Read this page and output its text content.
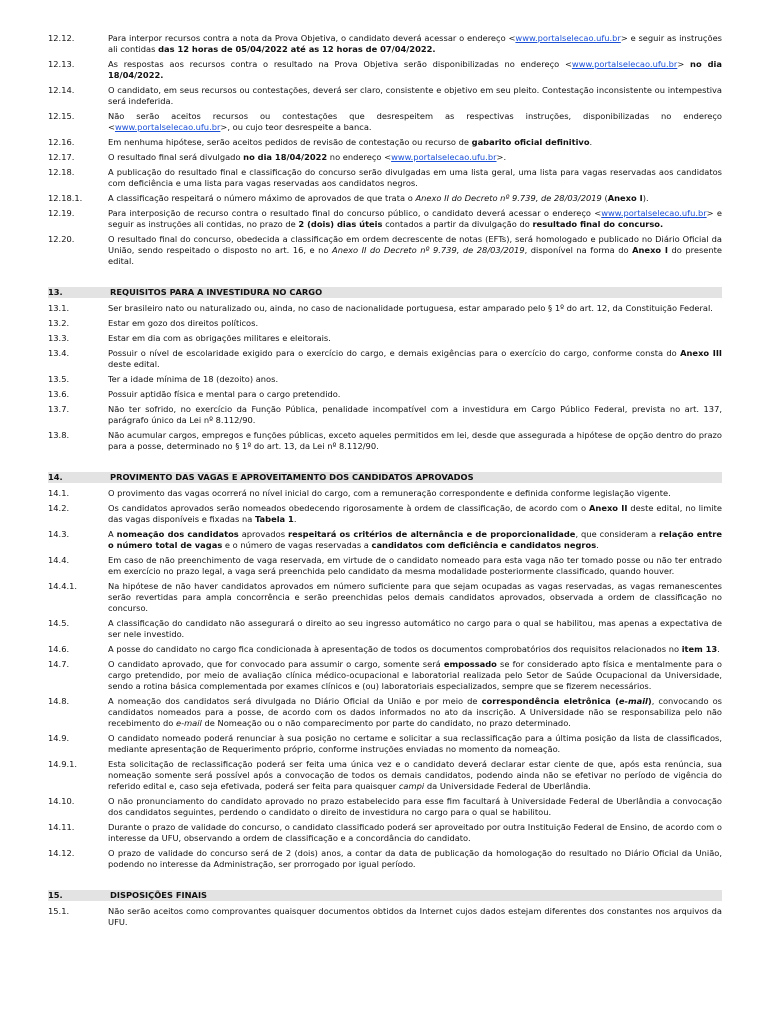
12.12.	Para interpor recursos contra a nota da Prova Objetiva, o candidato deverá acessar o endereço <www.portalselecao.ufu.br> e seguir as instruções ali contidas das 12 horas de 05/04/2022 até as 12 horas de 07/04/2022.
12.13.	As respostas aos recursos contra o resultado na Prova Objetiva serão disponibilizadas no endereço <www.portalselecao.ufu.br> no dia 18/04/2022.
12.14.	O candidato, em seus recursos ou contestações, deverá ser claro, consistente e objetivo em seu pleito. Contestação inconsistente ou intempestiva será indeferida.
12.15.	Não serão aceitos recursos ou contestações que desrespeitem as respectivas instruções, disponibilizadas no endereço <www.portalselecao.ufu.br>, ou cujo teor desrespeite a banca.
12.16.	Em nenhuma hipótese, serão aceitos pedidos de revisão de contestação ou recurso de gabarito oficial definitivo.
12.17.	O resultado final será divulgado no dia 18/04/2022 no endereço <www.portalselecao.ufu.br>.
12.18.	A publicação do resultado final e classificação do concurso serão divulgadas em uma lista geral, uma lista para vagas reservadas aos candidatos com deficiência e uma lista para vagas reservadas aos candidatos negros.
12.18.1.	A classificação respeitará o número máximo de aprovados de que trata o Anexo II do Decreto nº 9.739, de 28/03/2019 (Anexo I).
12.19.	Para interposição de recurso contra o resultado final do concurso público, o candidato deverá acessar o endereço <www.portalselecao.ufu.br> e seguir as instruções ali contidas, no prazo de 2 (dois) dias úteis contados a partir da divulgação do resultado final do concurso.
12.20.	O resultado final do concurso, obedecida a classificação em ordem decrescente de notas (EFTs), será homologado e publicado no Diário Oficial da União, sendo respeitado o disposto no art. 16, e no Anexo II do Decreto nº 9.739, de 28/03/2019, disponível na forma do Anexo I do presente edital.
13.	REQUISITOS PARA A INVESTIDURA NO CARGO
13.1.	Ser brasileiro nato ou naturalizado ou, ainda, no caso de nacionalidade portuguesa, estar amparado pelo § 1º do art. 12, da Constituição Federal.
13.2.	Estar em gozo dos direitos políticos.
13.3.	Estar em dia com as obrigações militares e eleitorais.
13.4.	Possuir o nível de escolaridade exigido para o exercício do cargo, e demais exigências para o exercício do cargo, conforme consta do Anexo III deste edital.
13.5.	Ter a idade mínima de 18 (dezoito) anos.
13.6.	Possuir aptidão física e mental para o cargo pretendido.
13.7.	Não ter sofrido, no exercício da Função Pública, penalidade incompatível com a investidura em Cargo Público Federal, prevista no art. 137, parágrafo único da Lei nº 8.112/90.
13.8.	Não acumular cargos, empregos e funções públicas, exceto aqueles permitidos em lei, desde que assegurada a hipótese de opção dentro do prazo para a posse, determinado no § 1º do art. 13, da Lei nº 8.112/90.
14.	PROVIMENTO DAS VAGAS E APROVEITAMENTO DOS CANDIDATOS APROVADOS
14.1.	O provimento das vagas ocorrerá no nível inicial do cargo, com a remuneração correspondente e definida conforme legislação vigente.
14.2.	Os candidatos aprovados serão nomeados obedecendo rigorosamente à ordem de classificação, de acordo com o Anexo II deste edital, no limite das vagas disponíveis e fixadas na Tabela 1.
14.3.	A nomeação dos candidatos aprovados respeitará os critérios de alternância e de proporcionalidade, que consideram a relação entre o número total de vagas e o número de vagas reservadas a candidatos com deficiência e candidatos negros.
14.4.	Em caso de não preenchimento de vaga reservada, em virtude de o candidato nomeado para esta vaga não ter tomado posse ou não ter entrado em exercício no prazo legal, a vaga será preenchida pelo candidato da mesma modalidade posteriormente classificado, quando houver.
14.4.1.	Na hipótese de não haver candidatos aprovados em número suficiente para que sejam ocupadas as vagas reservadas, as vagas remanescentes serão revertidas para ampla concorrência e serão preenchidas pelos demais candidatos aprovados, observada a ordem de classificação no concurso.
14.5.	A classificação do candidato não assegurará o direito ao seu ingresso automático no cargo para o qual se habilitou, mas apenas a expectativa de ser nele investido.
14.6.	A posse do candidato no cargo fica condicionada à apresentação de todos os documentos comprobatórios dos requisitos relacionados no item 13.
14.7.	O candidato aprovado, que for convocado para assumir o cargo, somente será empossado se for considerado apto física e mentalmente para o cargo pretendido, por meio de avaliação clínica médico-ocupacional e laboratorial realizada pelo Setor de Saúde Ocupacional da Universidade, sendo a rotina básica complementada por exames clínicos e (ou) laboratoriais especializados, sempre que se fizerem necessários.
14.8.	A nomeação dos candidatos será divulgada no Diário Oficial da União e por meio de correspondência eletrônica (e-mail), convocando os candidatos nomeados para a posse, de acordo com os dados informados no ato da inscrição. A Universidade não se responsabiliza pelo não recebimento do e-mail de Nomeação ou o não comparecimento por parte do candidato, no prazo determinado.
14.9.	O candidato nomeado poderá renunciar à sua posição no certame e solicitar a sua reclassificação para a última posição da lista de classificados, mediante apresentação de Requerimento próprio, conforme instruções enviadas no momento da nomeação.
14.9.1.	Esta solicitação de reclassificação poderá ser feita uma única vez e o candidato deverá declarar estar ciente de que, após esta renúncia, sua nomeação somente será possível após a convocação de todos os demais candidatos, podendo ainda não se efetivar no período de vigência do referido edital e, caso seja efetivada, poderá ser feita para quaisquer campi da Universidade Federal de Uberlândia.
14.10.	O não pronunciamento do candidato aprovado no prazo estabelecido para esse fim facultará à Universidade Federal de Uberlândia a convocação dos candidatos seguintes, perdendo o candidato o direito de investidura no cargo para o qual se habilitou.
14.11.	Durante o prazo de validade do concurso, o candidato classificado poderá ser aproveitado por outra Instituição Federal de Ensino, de acordo com o interesse da UFU, observando a ordem de classificação e a concordância do candidato.
14.12.	O prazo de validade do concurso será de 2 (dois) anos, a contar da data de publicação da homologação do resultado no Diário Oficial da União, podendo no interesse da Administração, ser prorrogado por igual período.
15.	DISPOSIÇÕES FINAIS
15.1.	Não serão aceitos como comprovantes quaisquer documentos obtidos da Internet cujos dados estejam diferentes dos constantes nos arquivos da UFU.
